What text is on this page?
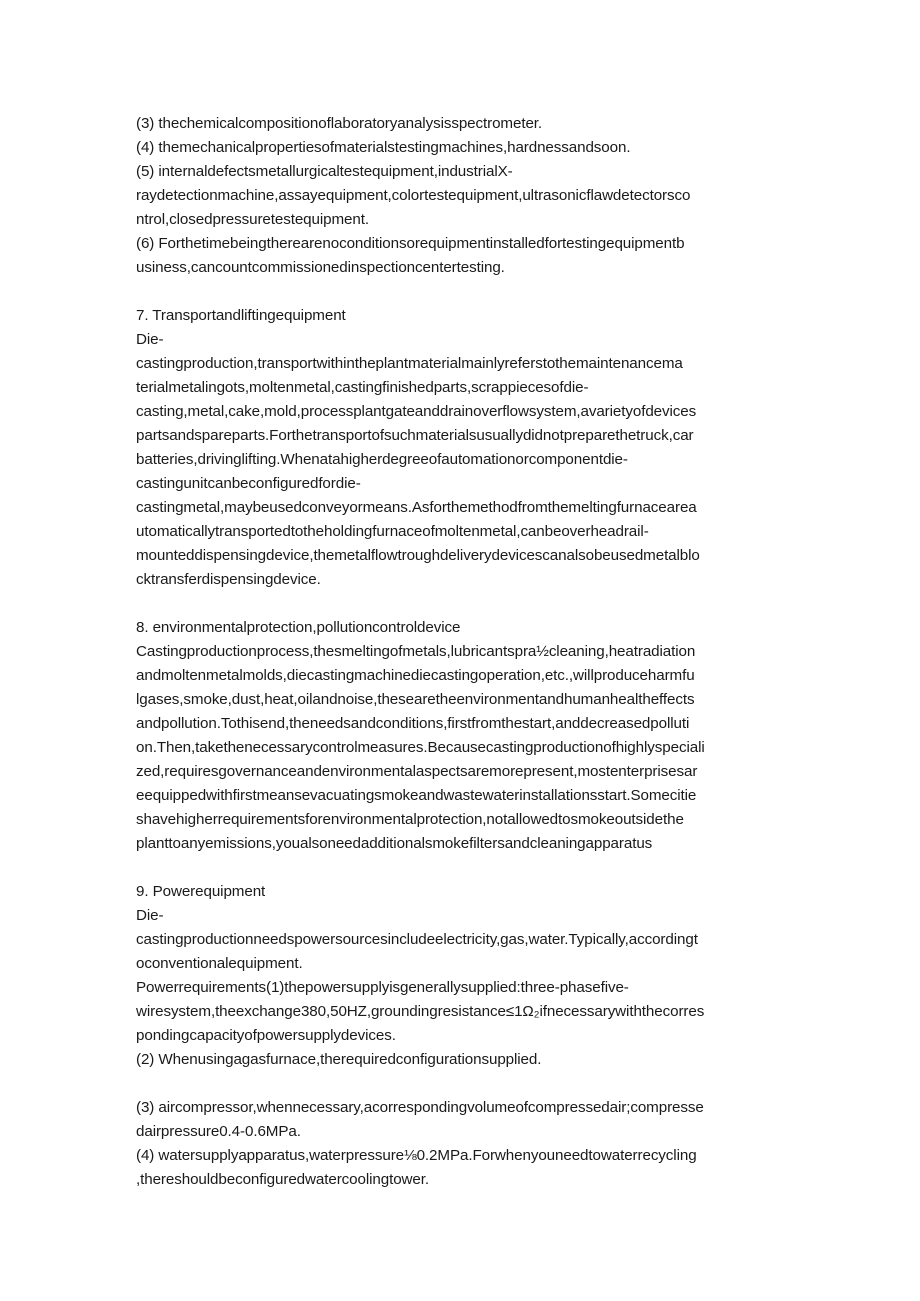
(3) thechemicalcompositionoflaboratoryanalysisspectrometer.
(4) themechanicalpropertiesofmaterialstestingmachines,hardnessandsoon.
(5) internaldefectsmetallurgicaltestequipment,industrialX-
raydetectionmachine,assayequipment,colortestequipment,ultrasonicflawdetectorsco
ntrol,closedpressuretestequipment.
(6) Forthetimebeingtherearenoconditionsorequipmentinstalledfortestingequipmentb
usiness,cancountcommissionedinspectioncentertesting.
7. Transportandliftingequipment
Die-
castingproduction,transportwithintheplantmaterialmainlyreferstothemaintenancema
terialmetalingots,moltenmetal,castingfinishedparts,scrappiecesofdie-
casting,metal,cake,mold,processplantgateanddrainoverflowsystem,avarietyofdevices
partsandspareparts.Forthetransportofsuchmaterialsusuallydidnotpreparethetruck,car
batteries,drivinglifting.Whenatahigherdegreeofautomationorcomponentdie-
castingunitcanbeconfiguredfordie-
castingmetal,maybeusedconveyormeans.Asforthemethodfromthemeltingfurnacearea
utomaticallytransportedtotheholdingfurnaceofmoltenmetal,canbeoverheadrail-
mounteddispensingdevice,themetalflowtroughdeliverydevicescanalsobeusedmetalblo
cktransferdispensingdevice.
8. environmentalprotection,pollutioncontroldevice
Castingproductionprocess,thesmeltingofmetals,lubricantspra½cleaning,heatradiation
andmoltenmetalmolds,diecastingmachinediecastingoperation,etc.,willproduceharmfu
lgases,smoke,dust,heat,oilandnoise,thesearetheenvironmentandhumanhealtheffects
andpollution.Tothisend,theneedsandconditions,firstfromthestart,anddecreasedpolluti
on.Then,takethenecessarycontrolmeasures.Becausecastingproductionofhighlyspeciali
zed,requiresgovernanceandenvironmentalaspectsaremorepresent,mostenterprisesar
eequippedwithfirstmeansevacuatingsmokeandwastewaterinstallationsstart.Somecitie
shavehigherrequirementsforenvironmentalprotection,notallowedtosmokeoutsidethe
planttoanyemissions,youalsoneedadditionalsmokefiltersandcleaningapparatus
9. Powerequipment
Die-
castingproductionneedspowersourcesincludeelectricity,gas,water.Typically,accordingt
oconventionalequipment.
Powerrequirements(1)thepowersupplyisgenerallysupplied:three-phasefive-
wiresystem,theexchange380,50HZ,groundingresistance≤1Ω₂ifnecessarywiththecorres
pondingcapacityofpowersupplydevices.
(2) Whenusingagasfurnace,therequiredconfigurationsupplied.
(3) aircompressor,whennecessary,acorrespondingvolumeofcompressedair;compresse
dairpressure0.4-0.6MPa.
(4) watersupplyapparatus,waterpressure⅛0.2MPa.Forwhenyouneedtowaterrecycling
,thereshouldbeconfiguredwatercoolingtower.
